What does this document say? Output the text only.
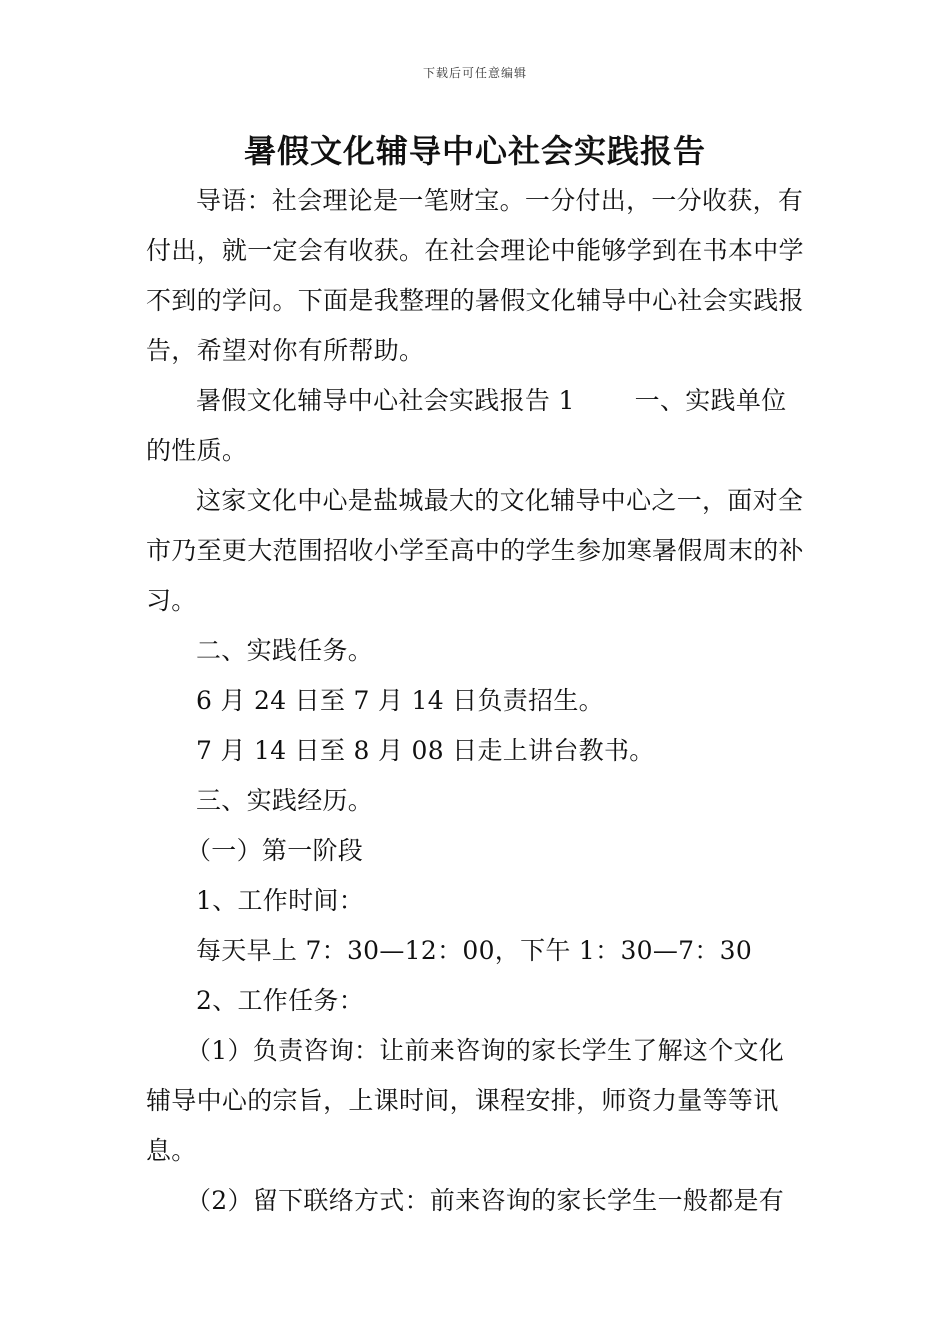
下载后可任意编辑
暑假文化辅导中心社会实践报告

导语：社会理论是一笔财宝。一分付出，一分收获，有付出，就一定会有收获。在社会理论中能够学到在书本中学不到的学问。下面是我整理的暑假文化辅导中心社会实践报告，希望对你有所帮助。

暑假文化辅导中心社会实践报告 1 一、实践单位的性质。

这家文化中心是盐城最大的文化辅导中心之一，面对全市乃至更大范围招收小学至高中的学生参加寒暑假周末的补习。

二、实践任务。

6 月 24 日至 7 月 14 日负责招生。

7 月 14 日至 8 月 08 日走上讲台教书。

三、实践经历。

（一）第一阶段

1、工作时间：

每天早上 7：30—12：00，下午 1：30—7：30

2、工作任务：

（1）负责咨询：让前来咨询的家长学生了解这个文化辅导中心的宗旨，上课时间，课程安排，师资力量等等讯息。

（2）留下联络方式：前来咨询的家长学生一般都是有
